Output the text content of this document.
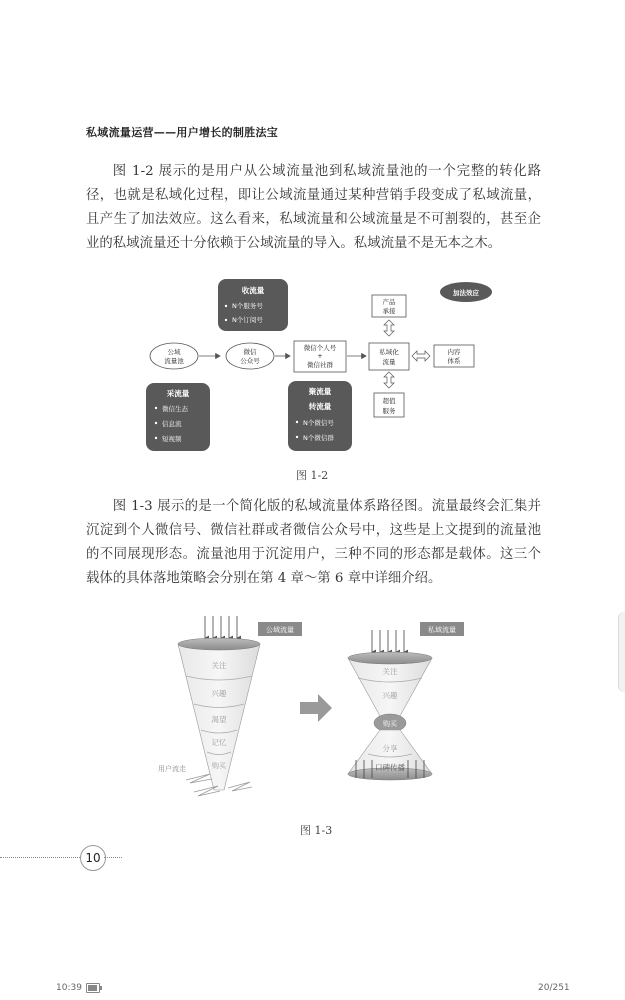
私域流量运营——用户增长的制胜法宝

图 1-2 展示的是用户从公域流量池到私域流量池的一个完整的转化路径，也就是私域化过程，即让公域流量通过某种营销手段变成了私域流量，且产生了加法效应。这么看来，私域流量和公域流量是不可割裂的，甚至企业的私域流量还十分依赖于公域流量的导入。私域流量不是无本之木。

收流量
N个服务号
N个订阅号
加法效应
产品
承接
公域
流量池
微信
公众号
微信个人号
+
微信社群
私域化
流量
内容
体系
超值
服务
采流量
微信生态
信息流
短视频
聚流量
转流量
N个微信号
N个微信群
图 1-2

图 1-3 展示的是一个简化版的私域流量体系路径图。流量最终会汇集并沉淀到个人微信号、微信社群或者微信公众号中，这些是上文提到的流量池的不同展现形态。流量池用于沉淀用户，三种不同的形态都是载体。这三个载体的具体落地策略会分别在第 4 章～第 6 章中详细介绍。

公域流量
关注
兴趣
渴望
记忆
购买
用户流走
私域流量
关注
兴趣
购买
分享
口碑传播
图 1-3
10
10:39	20/251
